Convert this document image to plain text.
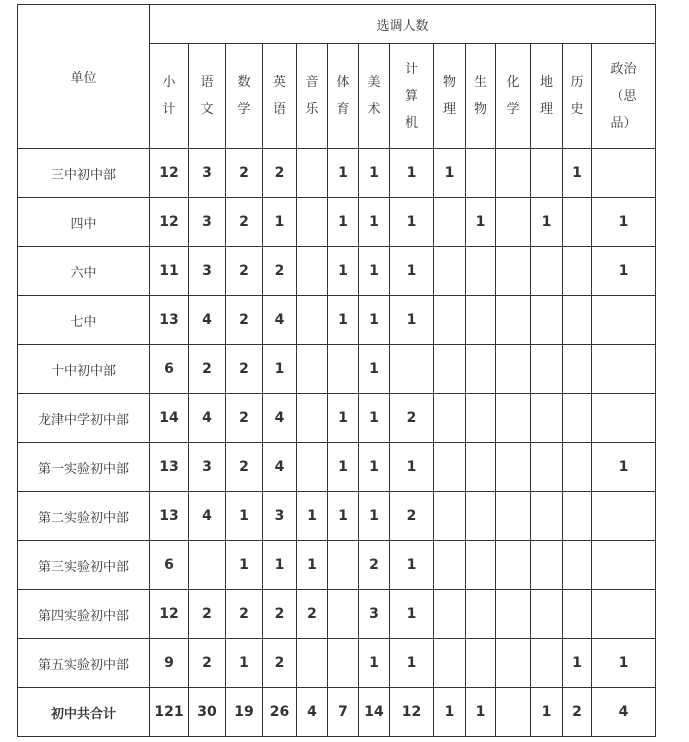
单位	选调人数													
	小计	语文	数学	英语	音乐	体育	美术	计算机	物理	生物	化学	地理	历史	政治（思品）
三中初中部	12	3	2	2		1	1	1	1				1	
四中	12	3	2	1		1	1	1		1		1		1
六中	11	3	2	2		1	1	1						1
七中	13	4	2	4		1	1	1						
十中初中部	6	2	2	1			1							
龙津中学初中部	14	4	2	4		1	1	2						
第一实验初中部	13	3	2	4		1	1	1						1
第二实验初中部	13	4	1	3	1	1	1	2						
第三实验初中部	6		1	1	1		2	1						
第四实验初中部	12	2	2	2	2		3	1						
第五实验初中部	9	2	1	2			1	1					1	1
初中共合计	121	30	19	26	4	7	14	12	1	1		1	2	4
